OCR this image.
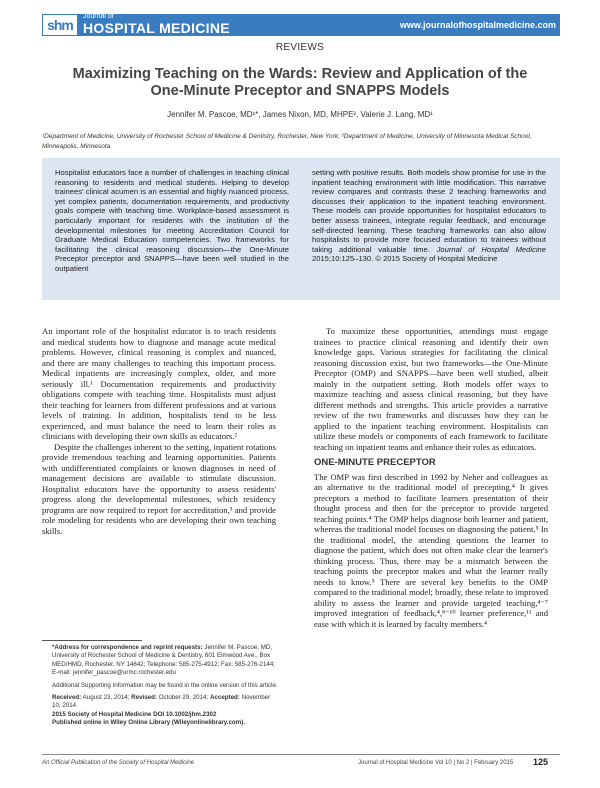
shm
Journal of
HOSPITAL MEDICINE	www.journalofhospitalmedicine.com
REVIEWS
Maximizing Teaching on the Wards: Review and Application of the One-Minute Preceptor and SNAPPS Models
Jennifer M. Pascoe, MD¹*, James Nixon, MD, MHPE², Valerie J. Lang, MD¹
¹Department of Medicine, University of Rochester School of Medicine & Dentistry, Rochester, New York; ²Department of Medicine, University of Minnesota Medical School, Minneapolis, Minnesota.
Hospitalist educators face a number of challenges in teaching clinical reasoning to residents and medical students. Helping to develop trainees' clinical acumen is an essential and highly nuanced process, yet complex patients, documentation requirements, and productivity goals compete with teaching time. Workplace-based assessment is particularly important for residents with the institution of the developmental milestones for meeting Accreditation Council for Graduate Medical Education competencies. Two frameworks for facilitating the clinical reasoning discussion—the One-Minute Preceptor preceptor and SNAPPS—have been well studied in the outpatient
setting with positive results. Both models show promise for use in the inpatient teaching environment with little modification. This narrative review compares and contrasts these 2 teaching frameworks and discusses their application to the inpatient teaching environment. These models can provide opportunities for hospitalist educators to better assess trainees, integrate regular feedback, and encourage self-directed learning. These teaching frameworks can also allow hospitalists to provide more focused education to trainees without taking additional valuable time. Journal of Hospital Medicine 2015;10:125–130. © 2015 Society of Hospital Medicine

An important role of the hospitalist educator is to teach residents and medical students how to diagnose and manage acute medical problems. However, clinical reasoning is complex and nuanced, and there are many challenges to teaching this important process. Medical inpatients are increasingly complex, older, and more seriously ill.¹ Documentation requirements and productivity obligations compete with teaching time. Hospitalists must adjust their teaching for learners from different professions and at various levels of training. In addition, hospitalists tend to be less experienced, and must balance the need to learn their roles as clinicians with developing their own skills as educators.²

Despite the challenges inherent to the setting, inpatient rotations provide tremendous teaching and learning opportunities. Patients with undifferentiated complaints or known diagnoses in need of management decisions are available to stimulate discussion. Hospitalist educators have the opportunity to assess residents' progress along the developmental milestones, which residency programs are now required to report for accreditation,³ and provide role modeling for residents who are developing their own teaching skills.

To maximize these opportunities, attendings must engage trainees to practice clinical reasoning and identify their own knowledge gaps. Various strategies for facilitating the clinical reasoning discussion exist, but two frameworks—the One-Minute Preceptor (OMP) and SNAPPS—have been well studied, albeit mainly in the outpatient setting. Both models offer ways to maximize teaching and assess clinical reasoning, but they have different methods and strengths. This article provides a narrative review of the two frameworks and discusses how they can be applied to the inpatient teaching environment. Hospitalists can utilize these models or components of each framework to facilitate teaching on inpatient teams and enhance their roles as educators.

ONE-MINUTE PRECEPTOR

The OMP was first described in 1992 by Neher and colleagues as an alternative to the traditional model of precepting.⁴ It gives preceptors a method to facilitate learners presentation of their thought process and then for the preceptor to provide targeted teaching points.⁴ The OMP helps diagnose both learner and patient, whereas the traditional model focuses on diagnosing the patient.⁵ In the traditional model, the attending questions the learner to diagnose the patient, which does not often make clear the learner's thinking process. Thus, there may be a mismatch between the teaching points the preceptor makes and what the learner really needs to know.⁵ There are several key benefits to the OMP compared to the traditional model; broadly, these relate to improved ability to assess the learner and provide targeted teaching,⁴⁻⁷ improved integration of feedback,⁴,⁸⁻¹⁰ learner preference,¹¹ and ease with which it is learned by faculty members.⁴

*Address for correspondence and reprint requests: Jennifer M. Pascoe, MD, University of Rochester School of Medicine & Dentistry, 601 Elmwood Ave., Box MED/HMD, Rochester, NY 14642; Telephone: 585-275-4912; Fax: 585-276-2144; E-mail: jennifer_pascoe@urmc.rochester.edu
Additional Supporting Information may be found in the online version of this article.
Received: August 23, 2014; Revised: October 29, 2014; Accepted: November 10, 2014
2015 Society of Hospital Medicine DOI 10.1002/jhm.2302
Published online in Wiley Online Library (Wileyonlinelibrary.com).
An Official Publication of the Society of Hospital Medicine	Journal of Hospital Medicine Vol 10 | No 2 | February 2015 125
